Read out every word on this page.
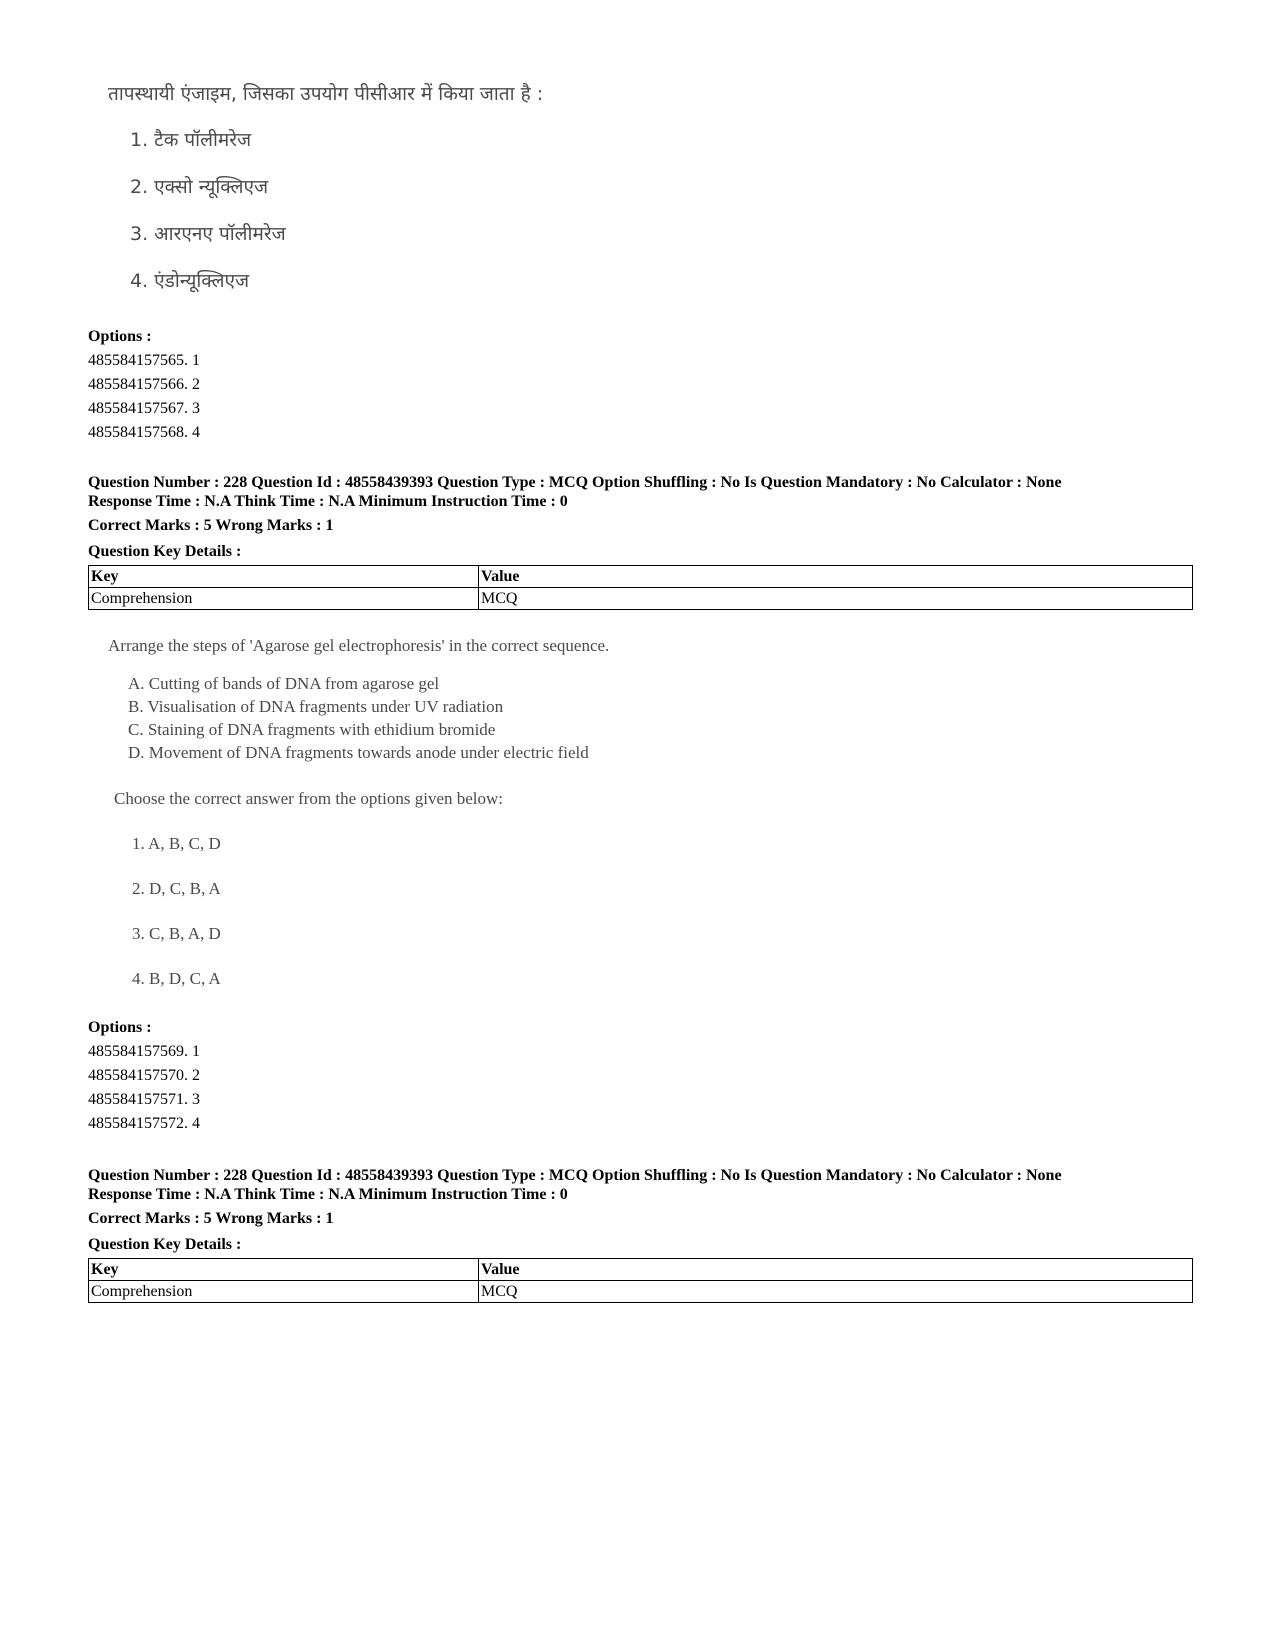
तापस्थायी एंजाइम, जिसका उपयोग पीसीआर में किया जाता है :
1. टैक पॉलीमरेज
2. एक्सो न्यूक्लिएज
3. आरएनए पॉलीमरेज
4. एंडोन्यूक्लिएज
Options :
485584157565. 1
485584157566. 2
485584157567. 3
485584157568. 4
Question Number : 228 Question Id : 48558439393 Question Type : MCQ Option Shuffling : No Is Question Mandatory : No Calculator : None
Response Time : N.A Think Time : N.A Minimum Instruction Time : 0
Correct Marks : 5 Wrong Marks : 1
Question Key Details :
Key	Value
Comprehension	MCQ
Arrange the steps of 'Agarose gel electrophoresis' in the correct sequence.
A. Cutting of bands of DNA from agarose gel
B. Visualisation of DNA fragments under UV radiation
C. Staining of DNA fragments with ethidium bromide
D. Movement of DNA fragments towards anode under electric field
Choose the correct answer from the options given below:
1. A, B, C, D
2. D, C, B, A
3. C, B, A, D
4. B, D, C, A
Options :
485584157569. 1
485584157570. 2
485584157571. 3
485584157572. 4
Question Number : 228 Question Id : 48558439393 Question Type : MCQ Option Shuffling : No Is Question Mandatory : No Calculator : None
Response Time : N.A Think Time : N.A Minimum Instruction Time : 0
Correct Marks : 5 Wrong Marks : 1
Question Key Details :
Key	Value
Comprehension	MCQ
